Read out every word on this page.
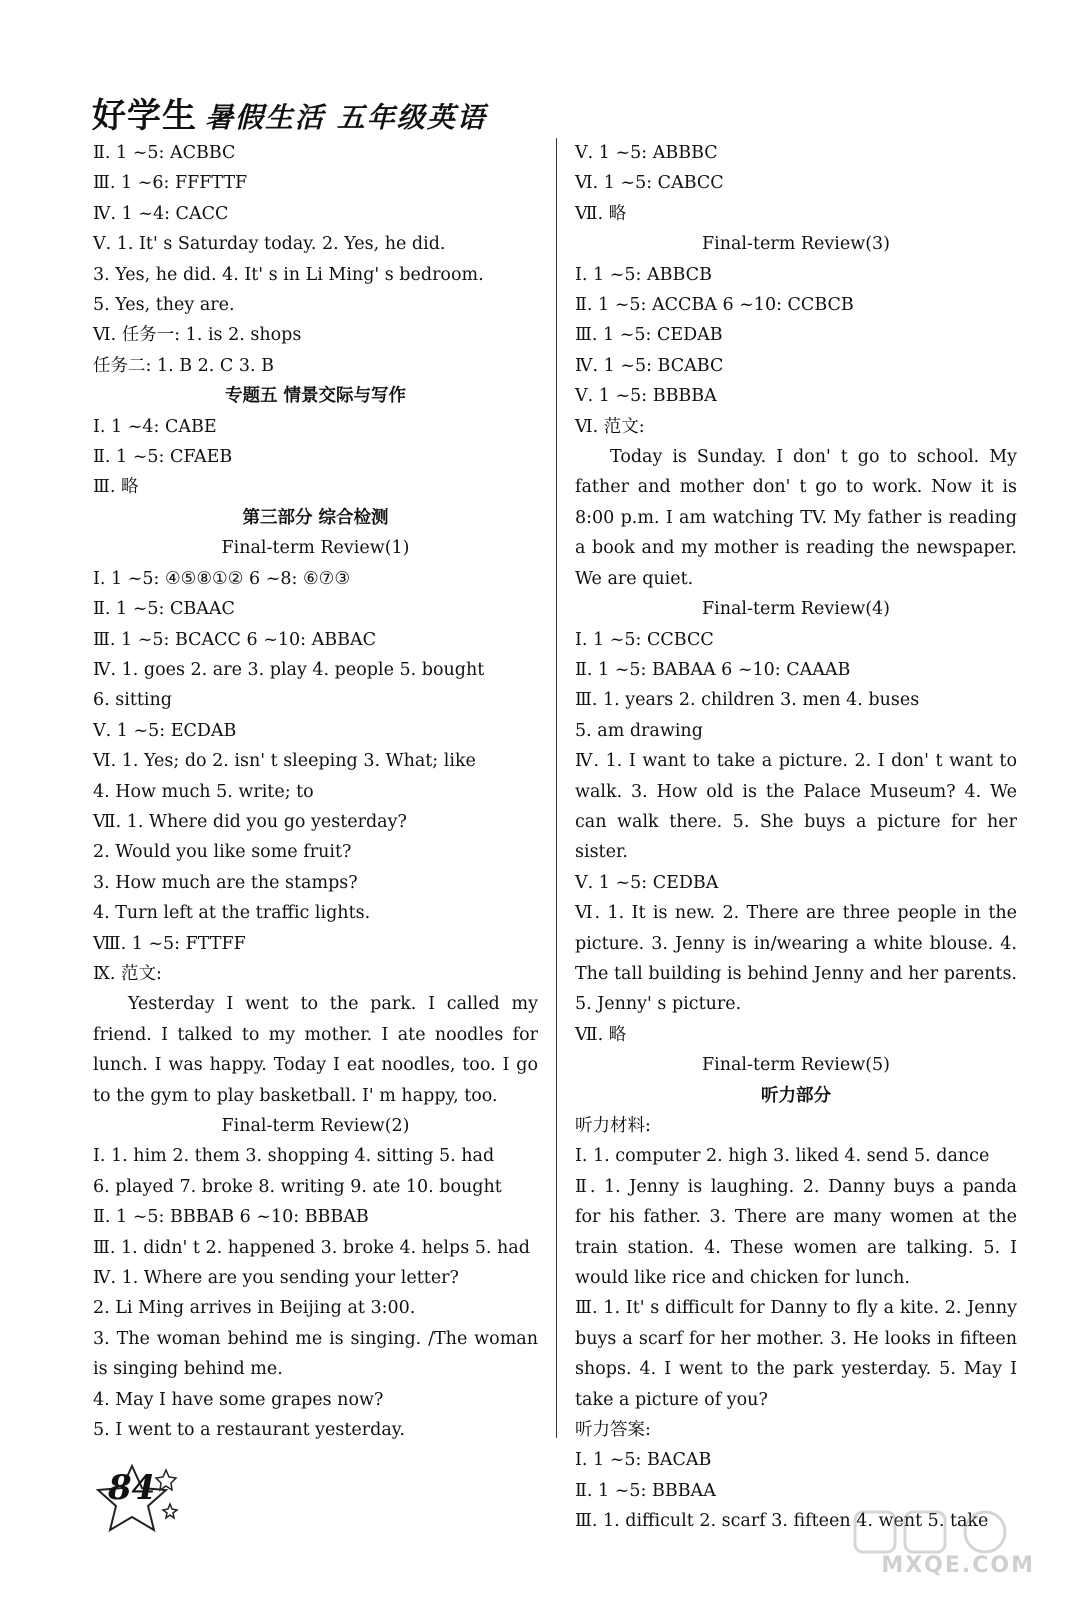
好学生 暑假生活 五年级英语
Ⅱ. 1 ~5: ACBBC
Ⅲ. 1 ~6: FFFTTF
Ⅳ. 1 ~4: CACC
Ⅴ. 1. It' s Saturday today. 2. Yes, he did.
3. Yes, he did. 4. It' s in Li Ming' s bedroom.
5. Yes, they are.
Ⅵ. 任务一: 1. is 2. shops
任务二: 1. B 2. C 3. B
专题五 情景交际与写作
Ⅰ. 1 ~4: CABE
Ⅱ. 1 ~5: CFAEB
Ⅲ. 略
第三部分 综合检测
Final-term Review(1)
Ⅰ. 1 ~5: ④⑤⑧①② 6 ~8: ⑥⑦③
Ⅱ. 1 ~5: CBAAC
Ⅲ. 1 ~5: BCACC 6 ~10: ABBAC
Ⅳ. 1. goes 2. are 3. play 4. people 5. bought
6. sitting
Ⅴ. 1 ~5: ECDAB
Ⅵ. 1. Yes; do 2. isn' t sleeping 3. What; like
4. How much 5. write; to
Ⅶ. 1. Where did you go yesterday?
2. Would you like some fruit?
3. How much are the stamps?
4. Turn left at the traffic lights.
Ⅷ. 1 ~5: FTTFF
Ⅸ. 范文:
Yesterday I went to the park. I called my friend. I talked to my mother. I ate noodles for lunch. I was happy. Today I eat noodles, too. I go to the gym to play basketball. I' m happy, too.
Final-term Review(2)
Ⅰ. 1. him 2. them 3. shopping 4. sitting 5. had
6. played 7. broke 8. writing 9. ate 10. bought
Ⅱ. 1 ~5: BBBAB 6 ~10: BBBAB
Ⅲ. 1. didn' t 2. happened 3. broke 4. helps 5. had
Ⅳ. 1. Where are you sending your letter?
2. Li Ming arrives in Beijing at 3:00.
3. The woman behind me is singing. /The woman is singing behind me.
4. May I have some grapes now?
5. I went to a restaurant yesterday.
Ⅴ. 1 ~5: ABBBC
Ⅵ. 1 ~5: CABCC
Ⅶ. 略
Final-term Review(3)
Ⅰ. 1 ~5: ABBCB
Ⅱ. 1 ~5: ACCBA 6 ~10: CCBCB
Ⅲ. 1 ~5: CEDAB
Ⅳ. 1 ~5: BCABC
Ⅴ. 1 ~5: BBBBA
Ⅵ. 范文:
Today is Sunday. I don' t go to school. My father and mother don' t go to work. Now it is 8:00 p.m. I am watching TV. My father is reading a book and my mother is reading the newspaper. We are quiet.
Final-term Review(4)
Ⅰ. 1 ~5: CCBCC
Ⅱ. 1 ~5: BABAA 6 ~10: CAAAB
Ⅲ. 1. years 2. children 3. men 4. buses
5. am drawing
Ⅳ. 1. I want to take a picture. 2. I don' t want to walk. 3. How old is the Palace Museum? 4. We can walk there. 5. She buys a picture for her sister.
Ⅴ. 1 ~5: CEDBA
Ⅵ. 1. It is new. 2. There are three people in the picture. 3. Jenny is in/wearing a white blouse. 4. The tall building is behind Jenny and her parents. 5. Jenny' s picture.
Ⅶ. 略
Final-term Review(5)
听力部分
听力材料:
Ⅰ. 1. computer 2. high 3. liked 4. send 5. dance
Ⅱ. 1. Jenny is laughing. 2. Danny buys a panda for his father. 3. There are many women at the train station. 4. These women are talking. 5. I would like rice and chicken for lunch.
Ⅲ. 1. It' s difficult for Danny to fly a kite. 2. Jenny buys a scarf for her mother. 3. He looks in fifteen shops. 4. I went to the park yesterday. 5. May I take a picture of you?
听力答案:
Ⅰ. 1 ~5: BACAB
Ⅱ. 1 ~5: BBBAA
Ⅲ. 1. difficult 2. scarf 3. fifteen 4. went 5. take
84
MXQE.COM
